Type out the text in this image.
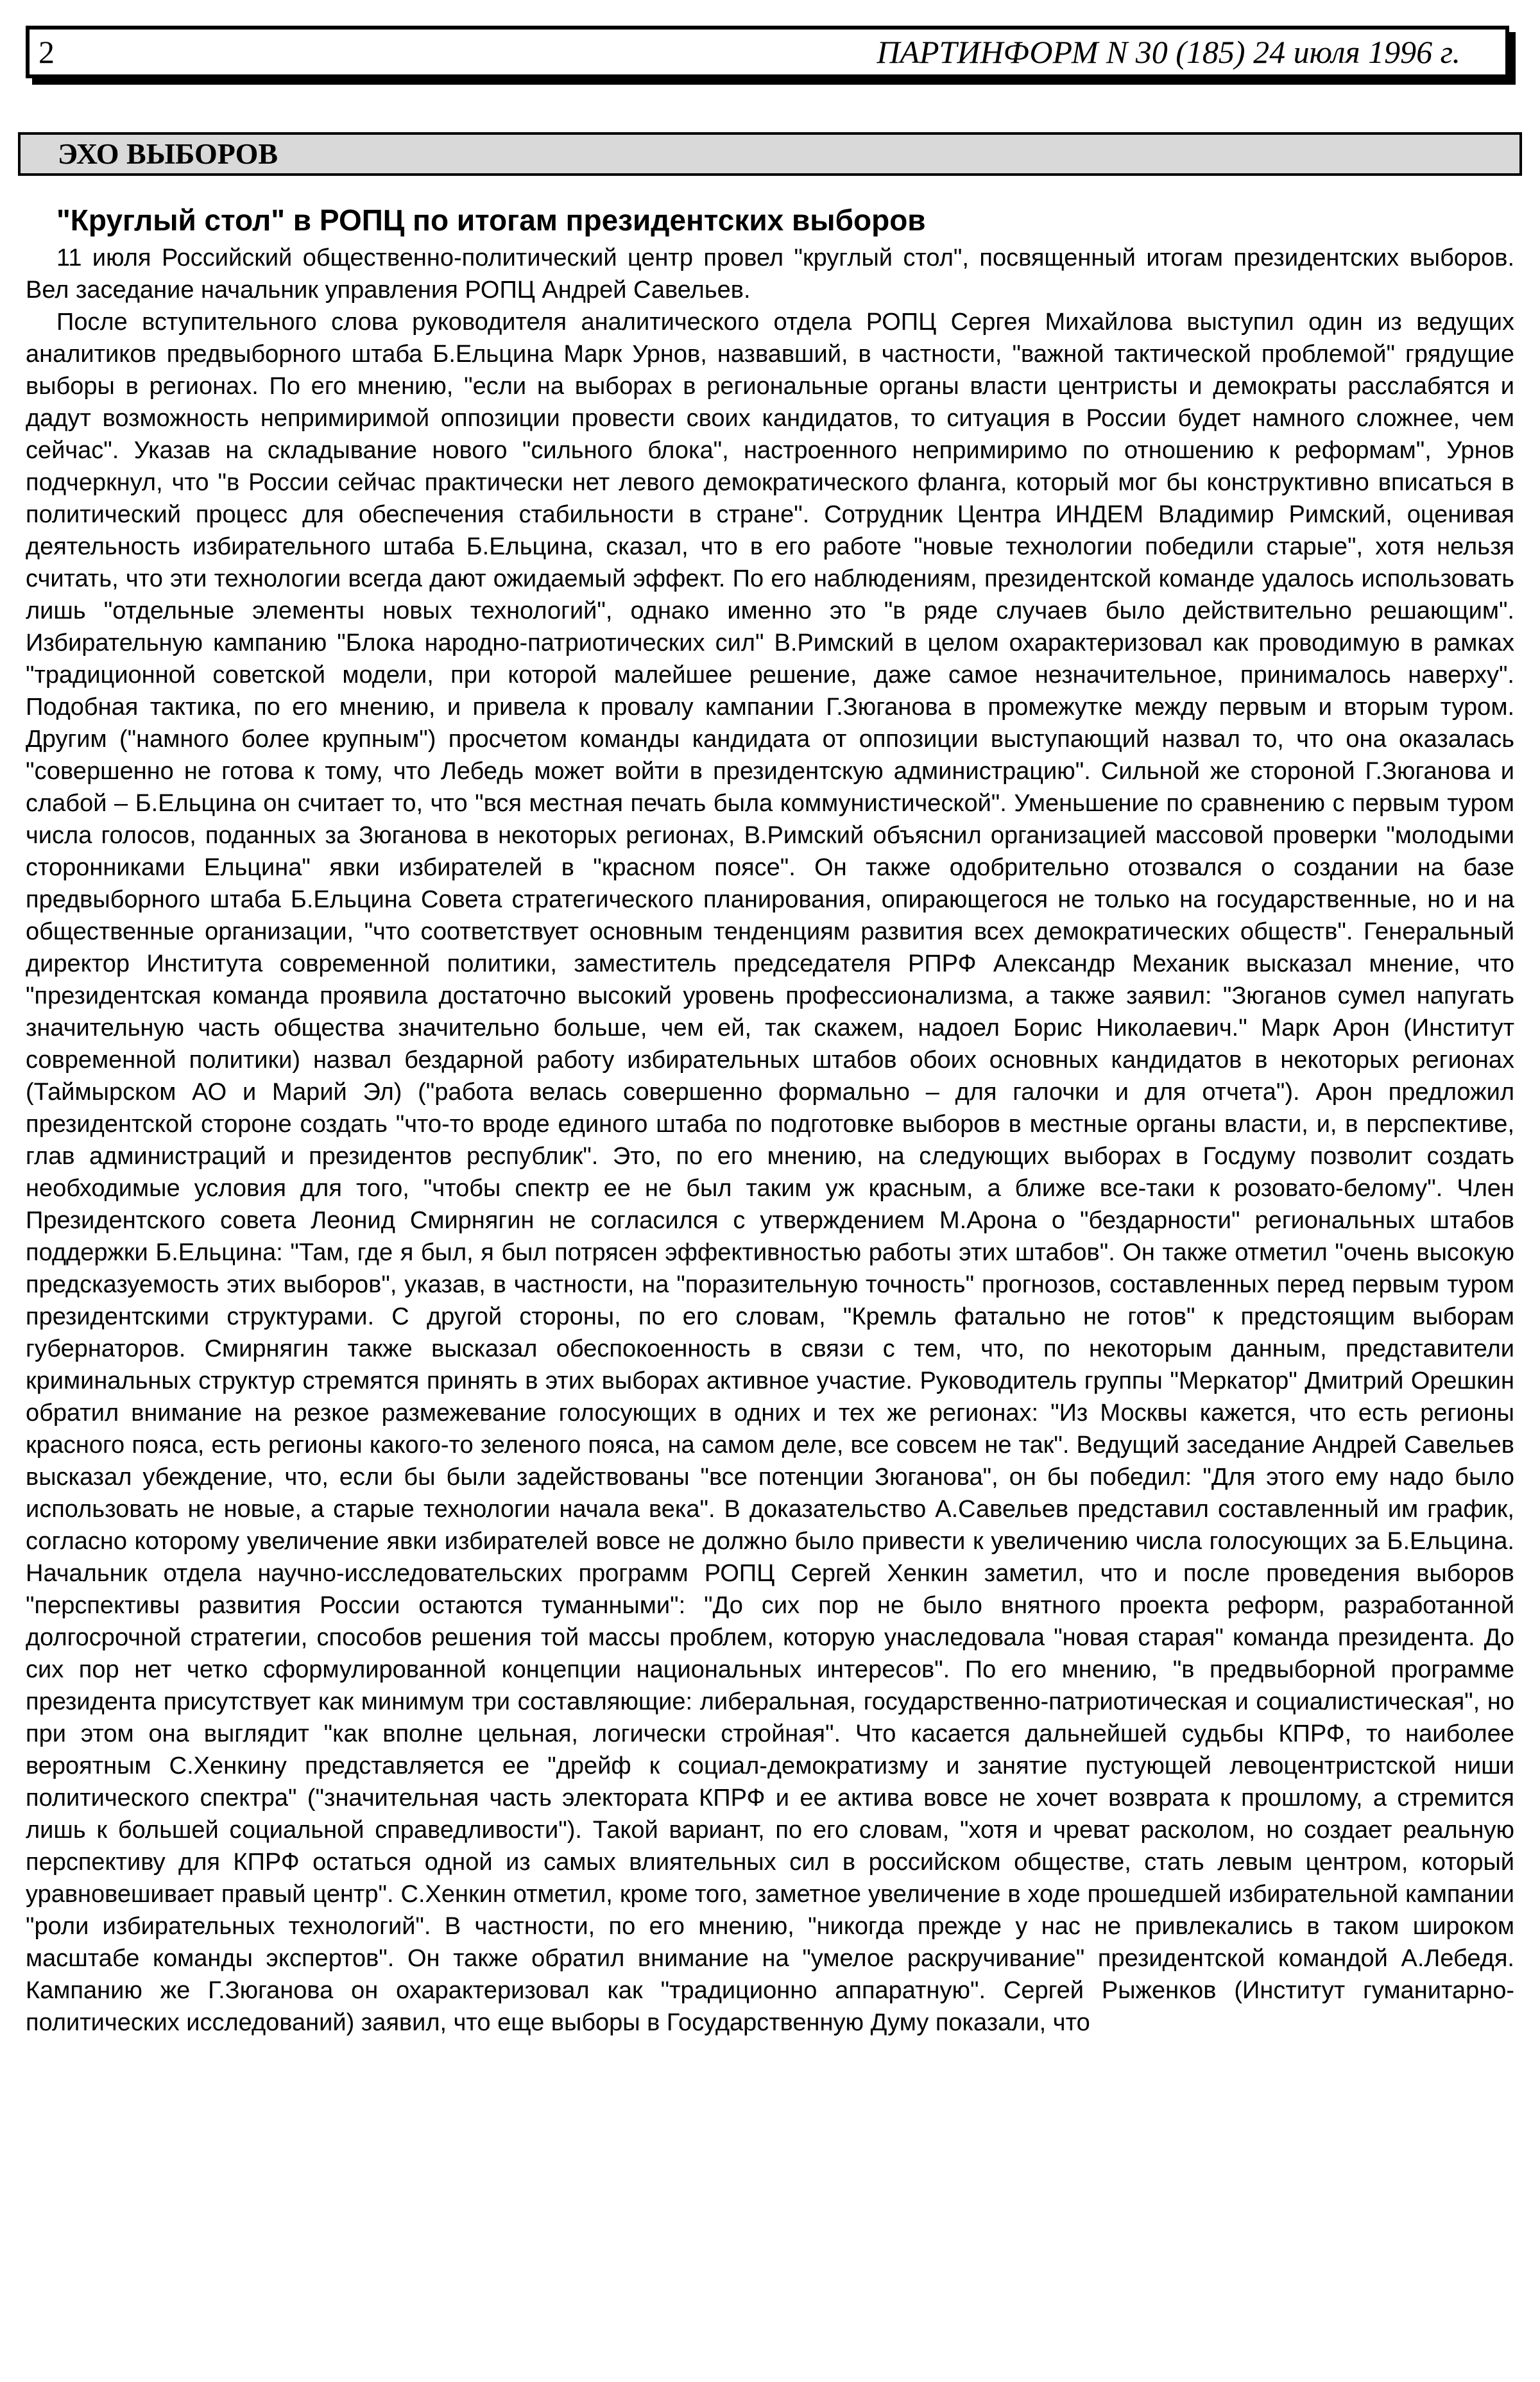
2	ПАРТИНФОРМ N 30 (185) 24 июля 1996 г.
ЭХО ВЫБОРОВ
"Круглый стол" в РОПЦ по итогам президентских выборов

11 июля Российский общественно-политический центр провел "круглый стол", посвященный итогам президентских выборов. Вел заседание начальник управления РОПЦ Андрей Савельев.

После вступительного слова руководителя аналитического отдела РОПЦ Сергея Михайлова выступил один из ведущих аналитиков предвыборного штаба Б.Ельцина Марк Урнов, назвавший, в частности, "важной тактической проблемой" грядущие выборы в регионах. По его мнению, "если на выборах в региональные органы власти центристы и демократы расслабятся и дадут возможность непримиримой оппозиции провести своих кандидатов, то ситуация в России будет намного сложнее, чем сейчас". Указав на складывание нового "сильного блока", настроенного непримиримо по отношению к реформам", Урнов подчеркнул, что "в России сейчас практически нет левого демократического фланга, который мог бы конструктивно вписаться в политический процесс для обеспечения стабильности в стране". Сотрудник Центра ИНДЕМ Владимир Римский, оценивая деятельность избирательного штаба Б.Ельцина, сказал, что в его работе "новые технологии победили старые", хотя нельзя считать, что эти технологии всегда дают ожидаемый эффект. По его наблюдениям, президентской команде удалось использовать лишь "отдельные элементы новых технологий", однако именно это "в ряде случаев было действительно решающим". Избирательную кампанию "Блока народно-патриотических сил" В.Римский в целом охарактеризовал как проводимую в рамках "традиционной советской модели, при которой малейшее решение, даже самое незначительное, принималось наверху". Подобная тактика, по его мнению, и привела к провалу кампании Г.Зюганова в промежутке между первым и вторым туром. Другим ("намного более крупным") просчетом команды кандидата от оппозиции выступающий назвал то, что она оказалась "совершенно не готова к тому, что Лебедь может войти в президентскую администрацию". Сильной же стороной Г.Зюганова и слабой – Б.Ельцина он считает то, что "вся местная печать была коммунистической". Уменьшение по сравнению с первым туром числа голосов, поданных за Зюганова в некоторых регионах, В.Римский объяснил организацией массовой проверки "молодыми сторонниками Ельцина" явки избирателей в "красном поясе". Он также одобрительно отозвался о создании на базе предвыборного штаба Б.Ельцина Совета стратегического планирования, опирающегося не только на государственные, но и на общественные организации, "что соответствует основным тенденциям развития всех демократических обществ". Генеральный директор Института современной политики, заместитель председателя РПРФ Александр Механик высказал мнение, что "президентская команда проявила достаточно высокий уровень профессионализма, а также заявил: "Зюганов сумел напугать значительную часть общества значительно больше, чем ей, так скажем, надоел Борис Николаевич." Марк Арон (Институт современной политики) назвал бездарной работу избирательных штабов обоих основных кандидатов в некоторых регионах (Таймырском АО и Марий Эл) ("работа велась совершенно формально – для галочки и для отчета"). Арон предложил президентской стороне создать "что-то вроде единого штаба по подготовке выборов в местные органы власти, и, в перспективе, глав администраций и президентов республик". Это, по его мнению, на следующих выборах в Госдуму позволит создать необходимые условия для того, "чтобы спектр ее не был таким уж красным, а ближе все-таки к розовато-белому". Член Президентского совета Леонид Смирнягин не согласился с утверждением М.Арона о "бездарности" региональных штабов поддержки Б.Ельцина: "Там, где я был, я был потрясен эффективностью работы этих штабов". Он также отметил "очень высокую предсказуемость этих выборов", указав, в частности, на "поразительную точность" прогнозов, составленных перед первым туром президентскими структурами. С другой стороны, по его словам, "Кремль фатально не готов" к предстоящим выборам губернаторов. Смирнягин также высказал обеспокоенность в связи с тем, что, по некоторым данным, представители криминальных структур стремятся принять в этих выборах активное участие. Руководитель группы "Меркатор" Дмитрий Орешкин обратил внимание на резкое размежевание голосующих в одних и тех же регионах: "Из Москвы кажется, что есть регионы красного пояса, есть регионы какого-то зеленого пояса, на самом деле, все совсем не так". Ведущий заседание Андрей Савельев высказал убеждение, что, если бы были задействованы "все потенции Зюганова", он бы победил: "Для этого ему надо было использовать не новые, а старые технологии начала века". В доказательство А.Савельев представил составленный им график, согласно которому увеличение явки избирателей вовсе не должно было привести к увеличению числа голосующих за Б.Ельцина. Начальник отдела научно-исследовательских программ РОПЦ Сергей Хенкин заметил, что и после проведения выборов "перспективы развития России остаются туманными": "До сих пор не было внятного проекта реформ, разработанной долгосрочной стратегии, способов решения той массы проблем, которую унаследовала "новая старая" команда президента. До сих пор нет четко сформулированной концепции национальных интересов". По его мнению, "в предвыборной программе президента присутствует как минимум три составляющие: либеральная, государственно-патриотическая и социалистическая", но при этом она выглядит "как вполне цельная, логически стройная". Что касается дальнейшей судьбы КПРФ, то наиболее вероятным С.Хенкину представляется ее "дрейф к социал-демократизму и занятие пустующей левоцентристской ниши политического спектра" ("значительная часть электората КПРФ и ее актива вовсе не хочет возврата к прошлому, а стремится лишь к большей социальной справедливости"). Такой вариант, по его словам, "хотя и чреват расколом, но создает реальную перспективу для КПРФ остаться одной из самых влиятельных сил в российском обществе, стать левым центром, который уравновешивает правый центр". С.Хенкин отметил, кроме того, заметное увеличение в ходе прошедшей избирательной кампании "роли избирательных технологий". В частности, по его мнению, "никогда прежде у нас не привлекались в таком широком масштабе команды экспертов". Он также обратил внимание на "умелое раскручивание" президентской командой А.Лебедя. Кампанию же Г.Зюганова он охарактеризовал как "традиционно аппаратную". Сергей Рыженков (Институт гуманитарно-политических исследований) заявил, что еще выборы в Государственную Думу показали, что
